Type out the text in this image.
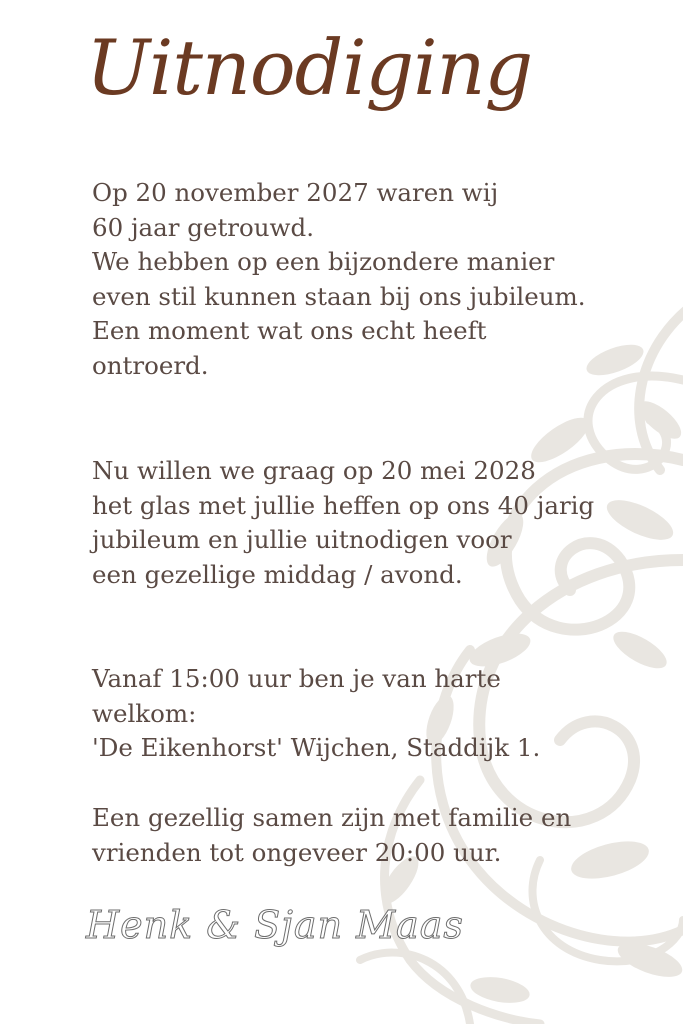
Uitnodiging
Op 20 november 2027 waren wij
60 jaar getrouwd.
We hebben op een bijzondere manier
even stil kunnen staan bij ons jubileum.
Een moment wat ons echt heeft
ontroerd.
Nu willen we graag op 20 mei 2028
het glas met jullie heffen op ons 40 jarig
jubileum en jullie uitnodigen voor
een gezellige middag / avond.
Vanaf 15:00 uur ben je van harte
welkom:
'De Eikenhorst' Wijchen, Staddijk 1.
Een gezellig samen zijn met familie en
vrienden tot ongeveer 20:00 uur.
Henk & Sjan Maas
